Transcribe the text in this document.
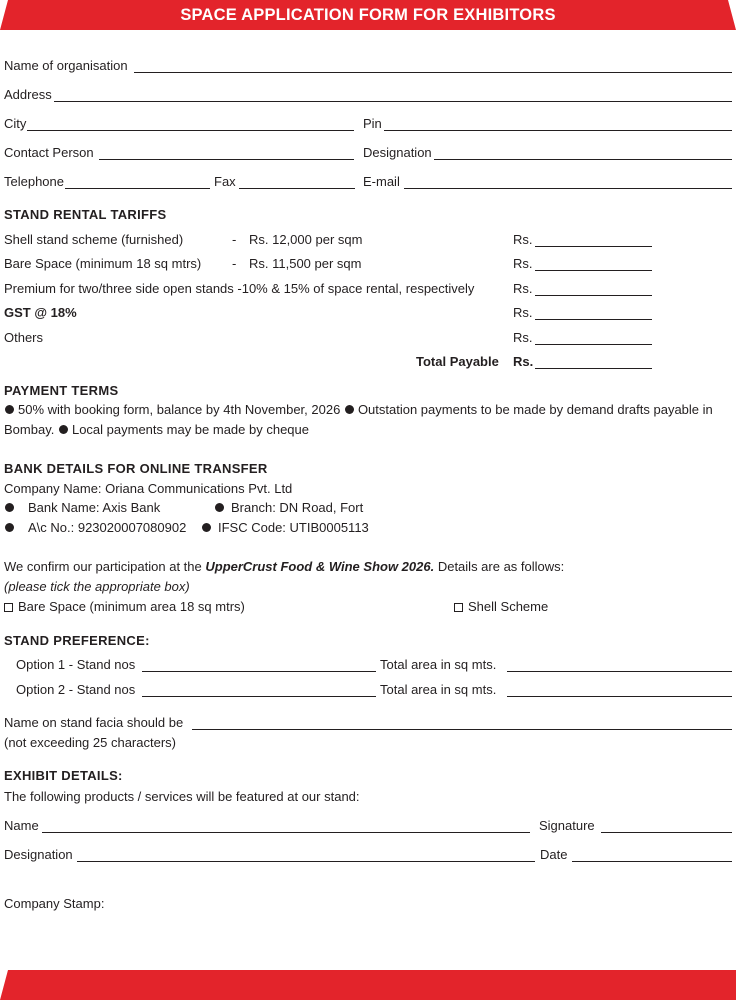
SPACE APPLICATION FORM FOR EXHIBITORS
Name of organisation
Address
City	Pin
Contact Person	Designation
Telephone	Fax	E-mail
STAND RENTAL TARIFFS
Shell stand scheme (furnished)	- Rs. 12,000 per sqm	Rs.
Bare Space (minimum 18 sq mtrs) - Rs. 11,500 per sqm	Rs.
Premium for two/three side open stands -10% & 15% of space rental, respectively	Rs.
GST @ 18%	Rs.
Others	Rs.
Total Payable Rs.
PAYMENT TERMS
50% with booking form, balance by 4th November, 2026 Outstation payments to be made by demand drafts payable in Bombay. Local payments may be made by cheque
BANK DETAILS FOR ONLINE TRANSFER
Company Name: Oriana Communications Pvt. Ltd
Bank Name: Axis Bank	Branch: DN Road, Fort
A\c No.: 923020007080902 IFSC Code: UTIB0005113
We confirm our participation at the UpperCrust Food & Wine Show 2026. Details are as follows:
(please tick the appropriate box)
Bare Space (minimum area 18 sq mtrs)	Shell Scheme
STAND PREFERENCE:
Option 1 - Stand nos	Total area in sq mts.
Option 2 - Stand nos	Total area in sq mts.
Name on stand facia should be
(not exceeding 25 characters)
EXHIBIT DETAILS:
The following products / services will be featured at our stand:
Name	Signature
Designation	Date
Company Stamp:
